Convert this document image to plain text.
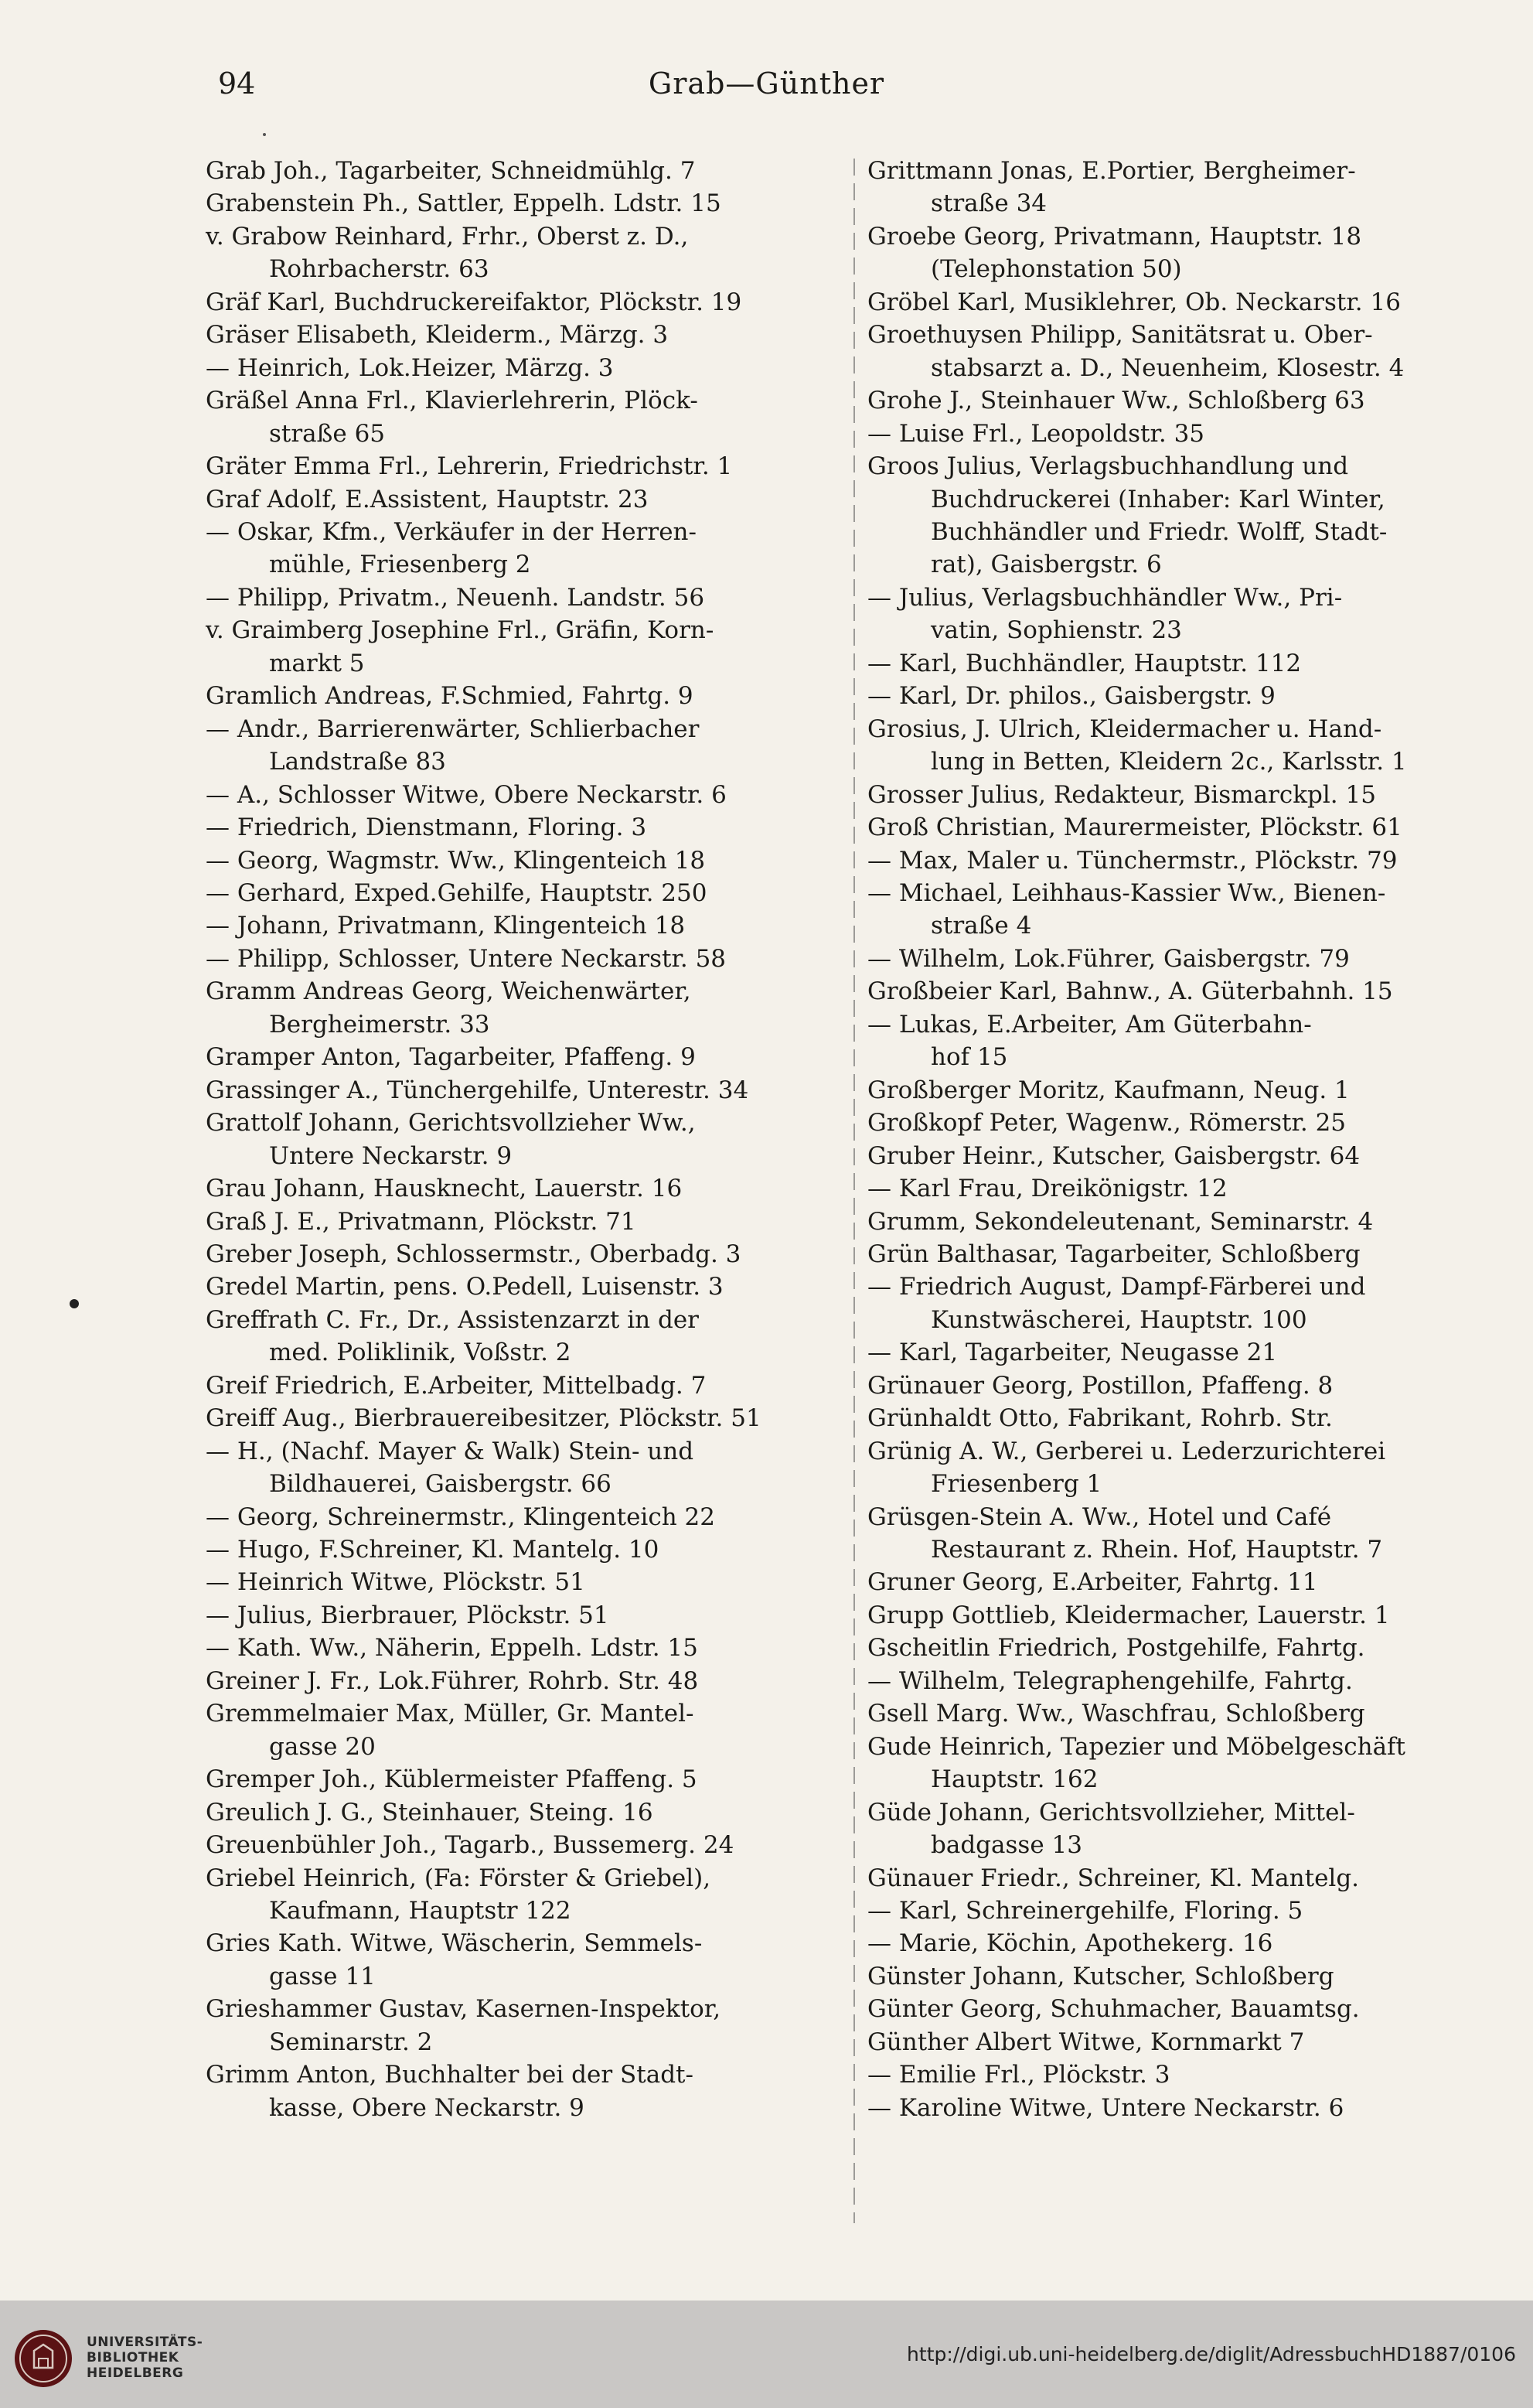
94	Grab—Günther

Grab Joh., Tagarbeiter, Schneidmühlg. 7

Grabenstein Ph., Sattler, Eppelh. Ldstr. 15

v. Grabow Reinhard, Frhr., Oberst z. D.,

Rohrbacherstr. 63

Gräf Karl, Buchdruckereifaktor, Plöckstr. 19

Gräser Elisabeth, Kleiderm., Märzg. 3

— Heinrich, Lok.Heizer, Märzg. 3

Gräßel Anna Frl., Klavierlehrerin, Plöck-

straße 65

Gräter Emma Frl., Lehrerin, Friedrichstr. 1

Graf Adolf, E.Assistent, Hauptstr. 23

— Oskar, Kfm., Verkäufer in der Herren-

mühle, Friesenberg 2

— Philipp, Privatm., Neuenh. Landstr. 56

v. Graimberg Josephine Frl., Gräfin, Korn-

markt 5

Gramlich Andreas, F.Schmied, Fahrtg. 9

— Andr., Barrierenwärter, Schlierbacher

Landstraße 83

— A., Schlosser Witwe, Obere Neckarstr. 6

— Friedrich, Dienstmann, Floring. 3

— Georg, Wagmstr. Ww., Klingenteich 18

— Gerhard, Exped.Gehilfe, Hauptstr. 250

— Johann, Privatmann, Klingenteich 18

— Philipp, Schlosser, Untere Neckarstr. 58

Gramm Andreas Georg, Weichenwärter,

Bergheimerstr. 33

Gramper Anton, Tagarbeiter, Pfaffeng. 9

Grassinger A., Tünchergehilfe, Unterestr. 34

Grattolf Johann, Gerichtsvollzieher Ww.,

Untere Neckarstr. 9

Grau Johann, Hausknecht, Lauerstr. 16

Graß J. E., Privatmann, Plöckstr. 71

Greber Joseph, Schlossermstr., Oberbadg. 3

Gredel Martin, pens. O.Pedell, Luisenstr. 3

Greffrath C. Fr., Dr., Assistenzarzt in der

med. Poliklinik, Voßstr. 2

Greif Friedrich, E.Arbeiter, Mittelbadg. 7

Greiff Aug., Bierbrauereibesitzer, Plöckstr. 51

— H., (Nachf. Mayer & Walk) Stein- und

Bildhauerei, Gaisbergstr. 66

— Georg, Schreinermstr., Klingenteich 22

— Hugo, F.Schreiner, Kl. Mantelg. 10

— Heinrich Witwe, Plöckstr. 51

— Julius, Bierbrauer, Plöckstr. 51

— Kath. Ww., Näherin, Eppelh. Ldstr. 15

Greiner J. Fr., Lok.Führer, Rohrb. Str. 48

Gremmelmaier Max, Müller, Gr. Mantel-

gasse 20

Gremper Joh., Küblermeister Pfaffeng. 5

Greulich J. G., Steinhauer, Steing. 16

Greuenbühler Joh., Tagarb., Bussemerg. 24

Griebel Heinrich, (Fa: Förster & Griebel),

Kaufmann, Hauptstr 122

Gries Kath. Witwe, Wäscherin, Semmels-

gasse 11

Grieshammer Gustav, Kasernen-Inspektor,

Seminarstr. 2

Grimm Anton, Buchhalter bei der Stadt-

kasse, Obere Neckarstr. 9

Grittmann Jonas, E.Portier, Bergheimer-

straße 34

Groebe Georg, Privatmann, Hauptstr. 18

(Telephonstation 50)

Gröbel Karl, Musiklehrer, Ob. Neckarstr. 16

Groethuysen Philipp, Sanitätsrat u. Ober-

stabsarzt a. D., Neuenheim, Klosestr. 4

Grohe J., Steinhauer Ww., Schloßberg 63

— Luise Frl., Leopoldstr. 35

Groos Julius, Verlagsbuchhandlung und

Buchdruckerei (Inhaber: Karl Winter,

Buchhändler und Friedr. Wolff, Stadt-

rat), Gaisbergstr. 6

— Julius, Verlagsbuchhändler Ww., Pri-

vatin, Sophienstr. 23

— Karl, Buchhändler, Hauptstr. 112

— Karl, Dr. philos., Gaisbergstr. 9

Grosius, J. Ulrich, Kleidermacher u. Hand-

lung in Betten, Kleidern 2c., Karlsstr. 1

Grosser Julius, Redakteur, Bismarckpl. 15

Groß Christian, Maurermeister, Plöckstr. 61

— Max, Maler u. Tünchermstr., Plöckstr. 79

— Michael, Leihhaus-Kassier Ww., Bienen-

straße 4

— Wilhelm, Lok.Führer, Gaisbergstr. 79

Großbeier Karl, Bahnw., A. Güterbahnh. 15

— Lukas, E.Arbeiter, Am Güterbahn-

hof 15

Großberger Moritz, Kaufmann, Neug. 1

Großkopf Peter, Wagenw., Römerstr. 25

Gruber Heinr., Kutscher, Gaisbergstr. 64

— Karl Frau, Dreikönigstr. 12

Grumm, Sekondeleutenant, Seminarstr. 4

Grün Balthasar, Tagarbeiter, Schloßberg

— Friedrich August, Dampf-Färberei und

Kunstwäscherei, Hauptstr. 100

— Karl, Tagarbeiter, Neugasse 21

Grünauer Georg, Postillon, Pfaffeng. 8

Grünhaldt Otto, Fabrikant, Rohrb. Str.

Grünig A. W., Gerberei u. Lederzurichterei

Friesenberg 1

Grüsgen-Stein A. Ww., Hotel und Café

Restaurant z. Rhein. Hof, Hauptstr. 7

Gruner Georg, E.Arbeiter, Fahrtg. 11

Grupp Gottlieb, Kleidermacher, Lauerstr. 1

Gscheitlin Friedrich, Postgehilfe, Fahrtg.

— Wilhelm, Telegraphengehilfe, Fahrtg.

Gsell Marg. Ww., Waschfrau, Schloßberg

Gude Heinrich, Tapezier und Möbelgeschäft

Hauptstr. 162

Güde Johann, Gerichtsvollzieher, Mittel-

badgasse 13

Günauer Friedr., Schreiner, Kl. Mantelg.

— Karl, Schreinergehilfe, Floring. 5

— Marie, Köchin, Apothekerg. 16

Günster Johann, Kutscher, Schloßberg

Günter Georg, Schuhmacher, Bauamtsg.

Günther Albert Witwe, Kornmarkt 7

— Emilie Frl., Plöckstr. 3

— Karoline Witwe, Untere Neckarstr. 6

UNIVERSITÄTS-
BIBLIOTHEK
HEIDELBERG
http://digi.ub.uni-heidelberg.de/diglit/AdressbuchHD1887/0106
